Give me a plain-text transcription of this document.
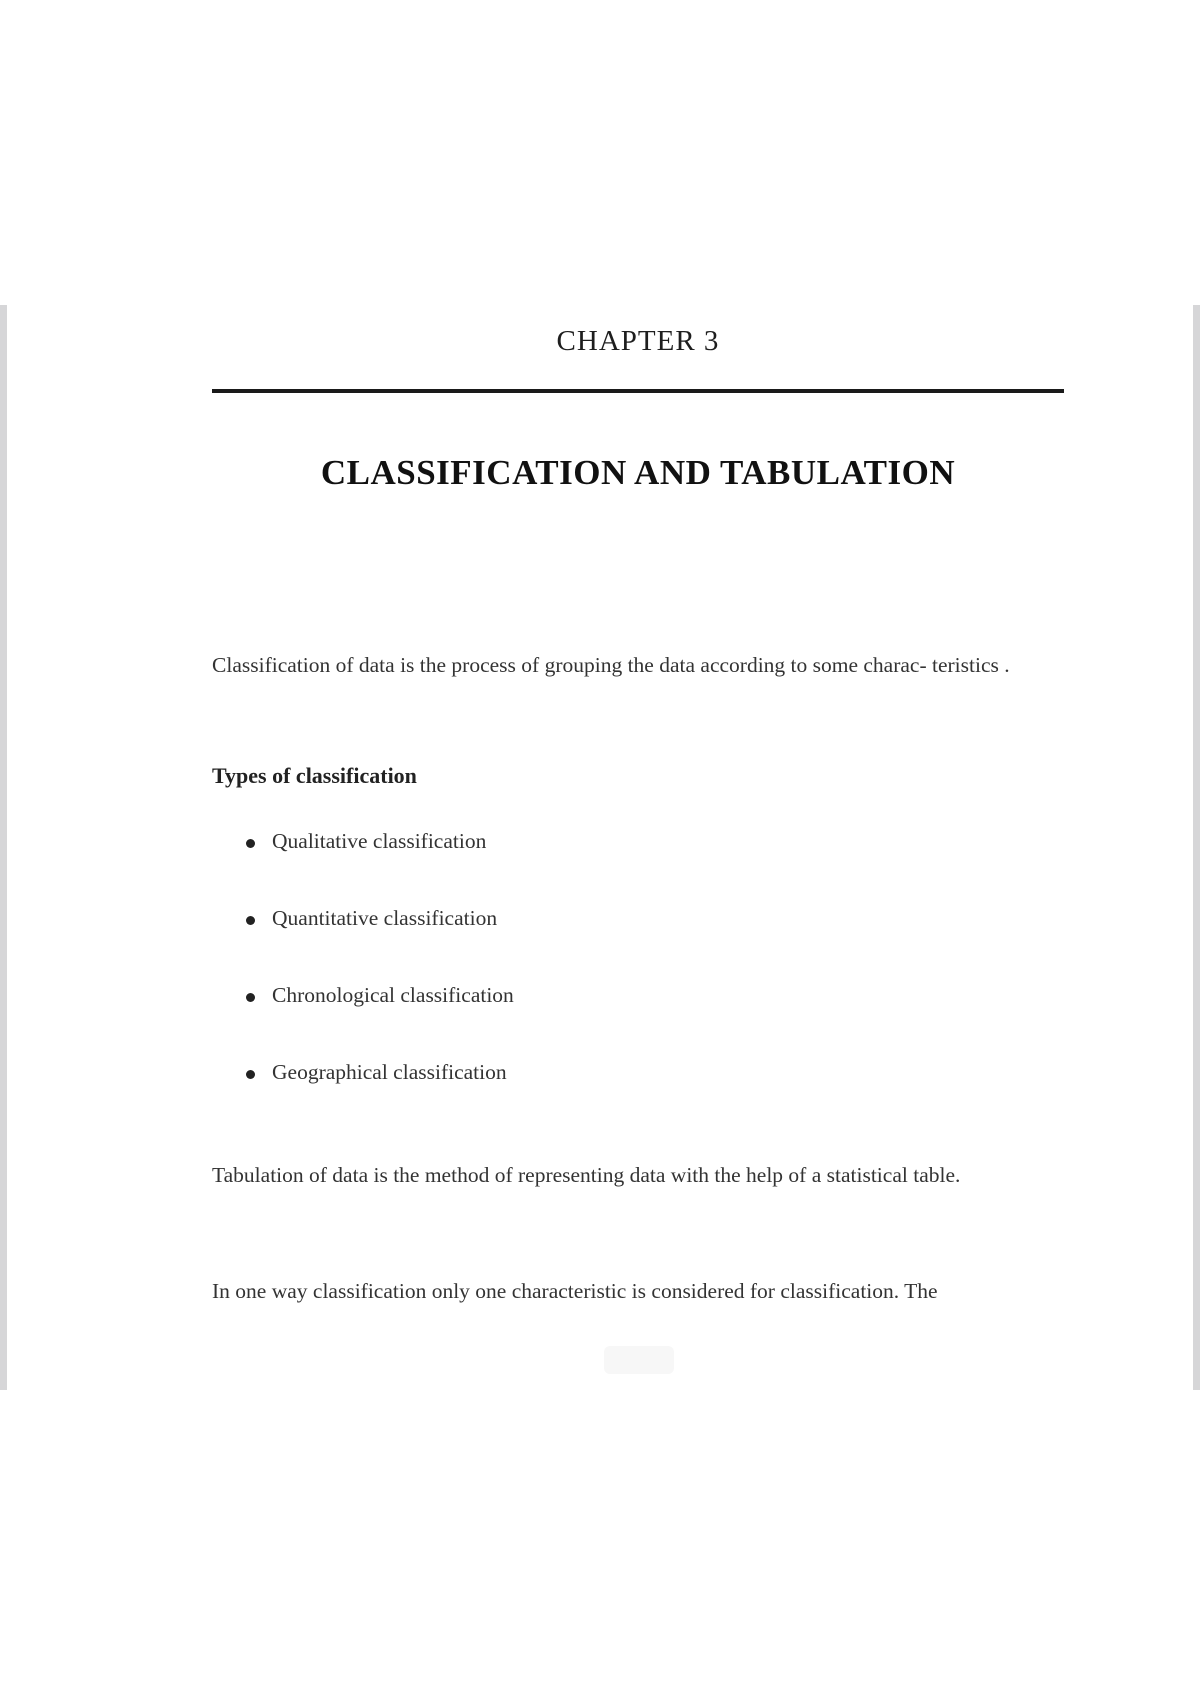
CHAPTER 3
CLASSIFICATION AND TABULATION

Classification of data is the process of grouping the data according to some charac- teristics .

Types of classification
Qualitative classification
Quantitative classification
Chronological classification
Geographical classification

Tabulation of data is the method of representing data with the help of a statistical table.

In one way classification only one characteristic is considered for classification. The
